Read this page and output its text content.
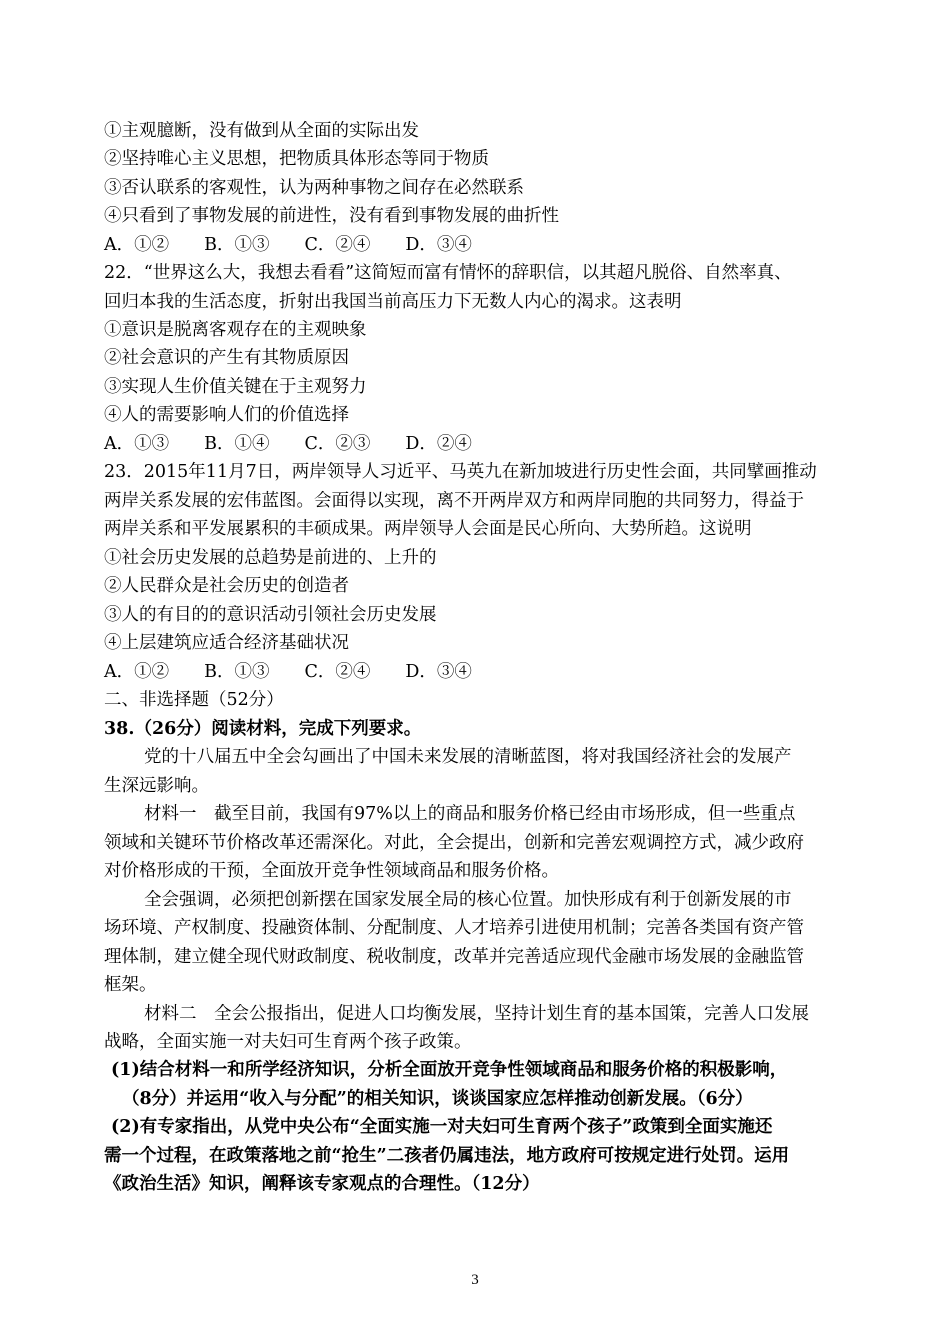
①主观臆断，没有做到从全面的实际出发
②坚持唯心主义思想，把物质具体形态等同于物质
③否认联系的客观性，认为两种事物之间存在必然联系
④只看到了事物发展的前进性，没有看到事物发展的曲折性
A．①②　　B．①③　　C．②④　　D．③④
22．“世界这么大，我想去看看”这简短而富有情怀的辞职信，以其超凡脱俗、自然率真、
回归本我的生活态度，折射出我国当前高压力下无数人内心的渴求。这表明
①意识是脱离客观存在的主观映象
②社会意识的产生有其物质原因
③实现人生价值关键在于主观努力
④人的需要影响人们的价值选择
A．①③　　B．①④　　C．②③　　D．②④
23．2015年11月7日，两岸领导人习近平、马英九在新加坡进行历史性会面，共同擘画推动
两岸关系发展的宏伟蓝图。会面得以实现，离不开两岸双方和两岸同胞的共同努力，得益于
两岸关系和平发展累积的丰硕成果。两岸领导人会面是民心所向、大势所趋。这说明
①社会历史发展的总趋势是前进的、上升的
②人民群众是社会历史的创造者
③人的有目的的意识活动引领社会历史发展
④上层建筑应适合经济基础状况
A．①②　　B．①③　　C．②④　　D．③④
二、非选择题（52分）
38.（26分）阅读材料，完成下列要求。
党的十八届五中全会勾画出了中国未来发展的清晰蓝图，将对我国经济社会的发展产
生深远影响。
材料一　截至目前，我国有97%以上的商品和服务价格已经由市场形成，但一些重点
领域和关键环节价格改革还需深化。对此，全会提出，创新和完善宏观调控方式，减少政府
对价格形成的干预，全面放开竞争性领域商品和服务价格。
全会强调，必须把创新摆在国家发展全局的核心位置。加快形成有利于创新发展的市
场环境、产权制度、投融资体制、分配制度、人才培养引进使用机制；完善各类国有资产管
理体制，建立健全现代财政制度、税收制度，改革并完善适应现代金融市场发展的金融监管
框架。
材料二　全会公报指出，促进人口均衡发展，坚持计划生育的基本国策，完善人口发展
战略，全面实施一对夫妇可生育两个孩子政策。
(1)结合材料一和所学经济知识，分析全面放开竞争性领域商品和服务价格的积极影响，
（8分）并运用“收入与分配”的相关知识，谈谈国家应怎样推动创新发展。（6分）
(2)有专家指出，从党中央公布“全面实施一对夫妇可生育两个孩子”政策到全面实施还
需一个过程，在政策落地之前“抢生”二孩者仍属违法，地方政府可按规定进行处罚。运用
《政治生活》知识，阐释该专家观点的合理性。（12分）
3
